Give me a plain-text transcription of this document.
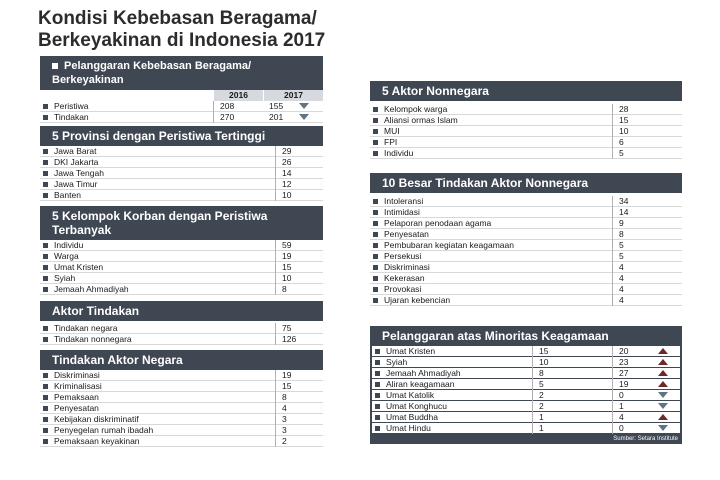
Kondisi Kebebasan Beragama/ Berkeyakinan di Indonesia 2017
Pelanggaran Kebebasan Beragama/ Berkeyakinan
2016	2017
Peristiwa	208	155
Tindakan	270	201
5 Provinsi dengan Peristiwa Tertinggi
Jawa Barat	29
DKI Jakarta	26
Jawa Tengah	14
Jawa Timur	12
Banten	10
5 Kelompok Korban dengan Peristiwa Terbanyak
Individu	59
Warga	19
Umat Kristen	15
Syiah	10
Jemaah Ahmadiyah	8
Aktor Tindakan
Tindakan negara	75
Tindakan nonnegara	126
Tindakan Aktor Negara
Diskriminasi	19
Kriminalisasi	15
Pemaksaan	8
Penyesatan	4
Kebijakan diskriminatif	3
Penyegelan rumah ibadah	3
Pemaksaan keyakinan	2
5 Aktor Nonnegara
Kelompok warga	28
Aliansi ormas Islam	15
MUI	10
FPI	6
Individu	5
10 Besar Tindakan Aktor Nonnegara
Intoleransi	34
Intimidasi	14
Pelaporan penodaan agama	9
Penyesatan	8
Pembubaran kegiatan keagamaan	5
Persekusi	5
Diskriminasi	4
Kekerasan	4
Provokasi	4
Ujaran kebencian	4
Pelanggaran atas Minoritas Keagamaan
Umat Kristen	15	20
Syiah	10	23
Jemaah Ahmadiyah	8	27
Aliran keagamaan	5	19
Umat Katolik	2	0
Umat Konghucu	2	1
Umat Buddha	1	4
Umat Hindu	1	0
Sumber: Setara Institute
